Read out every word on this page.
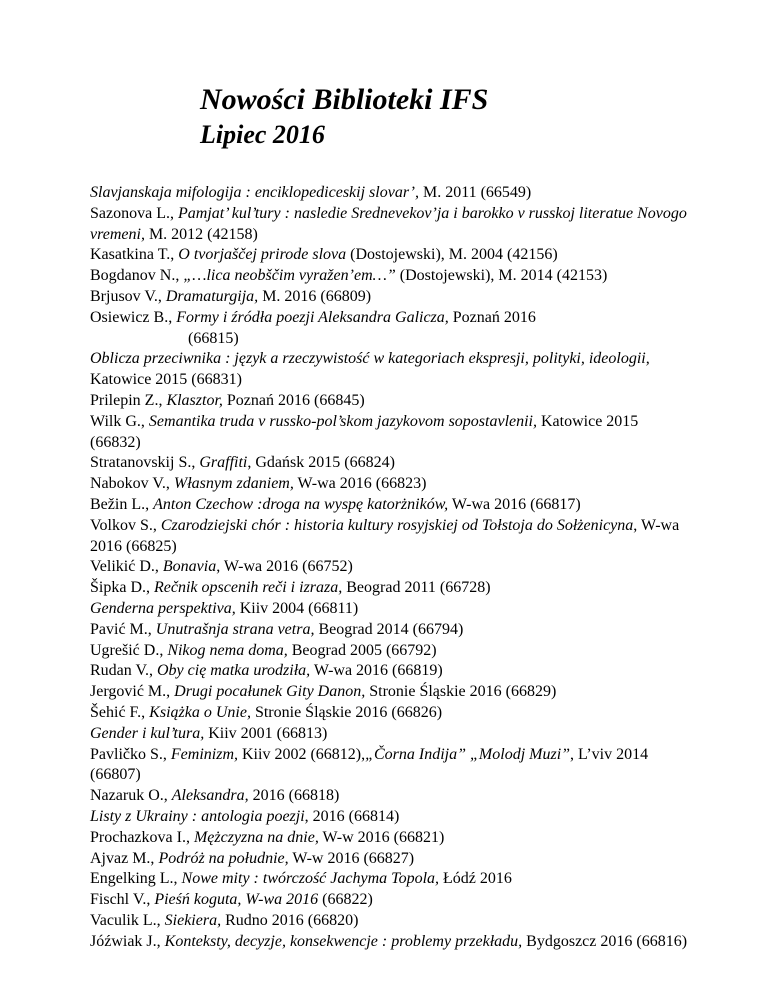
Nowości Biblioteki IFS
Lipiec 2016

Slavjanskaja mifologija : enciklopediceskij slovar’, M. 2011 (66549)

Sazonova L., Pamjat’ kul’tury : nasledie Srednevekov’ja i barokko v russkoj literatue Novogo vremeni, M. 2012 (42158)

Kasatkina T., O tvorjaščej prirode slova (Dostojewski), M. 2004 (42156)

Bogdanov N., „…lica neobščim vyražen’em…” (Dostojewski), M. 2014 (42153)

Brjusov V., Dramaturgija, M. 2016 (66809)

Osiewicz B., Formy i źródła poezji Aleksandra Galicza, Poznań 2016
(66815)

Oblicza przeciwnika : język a rzeczywistość w kategoriach ekspresji, polityki, ideologii, Katowice 2015 (66831)

Prilepin Z., Klasztor, Poznań 2016 (66845)

Wilk G., Semantika truda v russko-pol’skom jazykovom sopostavlenii, Katowice 2015 (66832)

Stratanovskij S., Graffiti, Gdańsk 2015 (66824)

Nabokov V., Własnym zdaniem, W-wa 2016 (66823)

Bežin L., Anton Czechow :droga na wyspę katorżników, W-wa 2016 (66817)

Volkov S., Czarodziejski chór : historia kultury rosyjskiej od Tołstoja do Sołżenicyna, W-wa 2016 (66825)

Velikić D., Bonavia, W-wa 2016 (66752)

Šipka D., Rečnik opscenih reči i izraza, Beograd 2011 (66728)

Genderna perspektiva, Kiiv 2004 (66811)

Pavić M., Unutrašnja strana vetra, Beograd 2014 (66794)

Ugrešić D., Nikog nema doma, Beograd 2005 (66792)

Rudan V., Oby cię matka urodziła, W-wa 2016 (66819)

Jergović M., Drugi pocałunek Gity Danon, Stronie Śląskie 2016 (66829)

Šehić F., Książka o Unie, Stronie Śląskie 2016 (66826)

Gender i kul’tura, Kiiv 2001 (66813)

Pavličko S., Feminizm, Kiiv 2002 (66812),„Čorna Indija” „Molodj Muzi”, L’viv 2014 (66807)

Nazaruk O., Aleksandra, 2016 (66818)

Listy z Ukrainy : antologia poezji, 2016 (66814)

Prochazkova I., Mężczyzna na dnie, W-w 2016 (66821)

Ajvaz M., Podróż na południe, W-w 2016 (66827)

Engelking L., Nowe mity : twórczość Jachyma Topola, Łódź 2016

Fischl V., Pieśń koguta, W-wa 2016 (66822)

Vaculik L., Siekiera, Rudno 2016 (66820)

Jóźwiak J., Konteksty, decyzje, konsekwencje : problemy przekładu, Bydgoszcz 2016 (66816)
